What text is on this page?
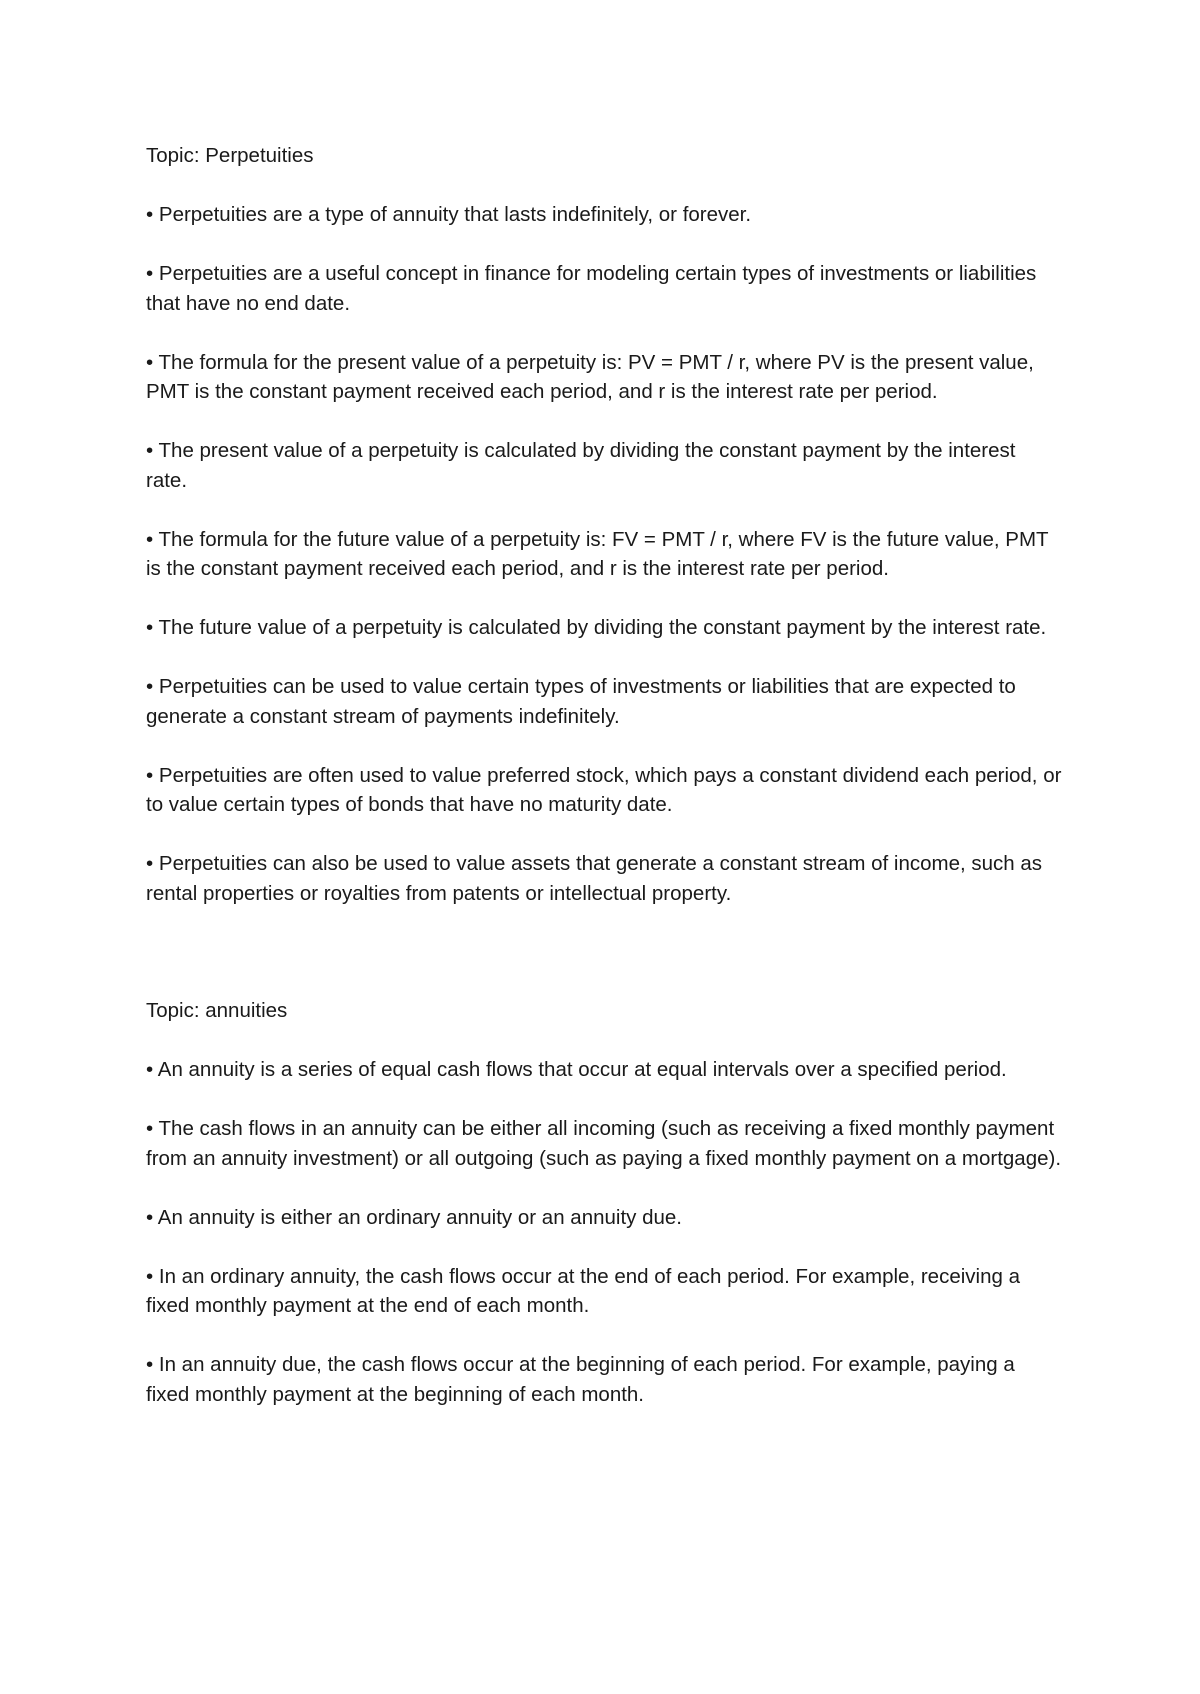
Topic: Perpetuities

• Perpetuities are a type of annuity that lasts indefinitely, or forever.
• Perpetuities are a useful concept in finance for modeling certain types of investments or liabilities that have no end date.
• The formula for the present value of a perpetuity is: PV = PMT / r, where PV is the present value, PMT is the constant payment received each period, and r is the interest rate per period.
• The present value of a perpetuity is calculated by dividing the constant payment by the interest rate.
• The formula for the future value of a perpetuity is: FV = PMT / r, where FV is the future value, PMT is the constant payment received each period, and r is the interest rate per period.
• The future value of a perpetuity is calculated by dividing the constant payment by the interest rate.
• Perpetuities can be used to value certain types of investments or liabilities that are expected to generate a constant stream of payments indefinitely.
• Perpetuities are often used to value preferred stock, which pays a constant dividend each period, or to value certain types of bonds that have no maturity date.
• Perpetuities can also be used to value assets that generate a constant stream of income, such as rental properties or royalties from patents or intellectual property.

Topic: annuities

• An annuity is a series of equal cash flows that occur at equal intervals over a specified period.
• The cash flows in an annuity can be either all incoming (such as receiving a fixed monthly payment from an annuity investment) or all outgoing (such as paying a fixed monthly payment on a mortgage).
• An annuity is either an ordinary annuity or an annuity due.
• In an ordinary annuity, the cash flows occur at the end of each period. For example, receiving a fixed monthly payment at the end of each month.
• In an annuity due, the cash flows occur at the beginning of each period. For example, paying a fixed monthly payment at the beginning of each month.
